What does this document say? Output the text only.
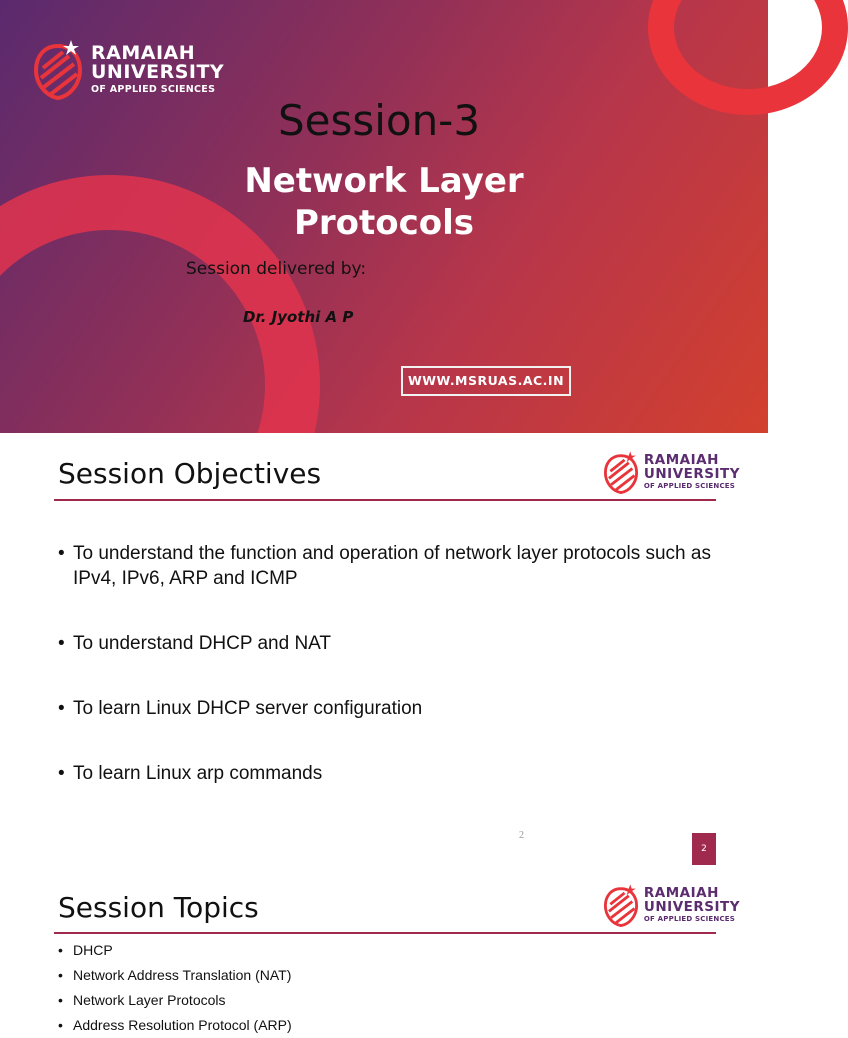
RAMAIAH
UNIVERSITY
OF APPLIED SCIENCES
Session-3
Network Layer
Protocols
Session delivered by:
Dr. Jyothi A P
WWW.MSRUAS.AC.IN
Session Objectives	RAMAIAH
UNIVERSITY
OF APPLIED SCIENCES
• To understand the function and operation of network layer protocols such as IPv4, IPv6, ARP and ICMP
• To understand DHCP and NAT
• To learn Linux DHCP server configuration
• To learn Linux arp commands
2
2
Session Topics	RAMAIAH
UNIVERSITY
OF APPLIED SCIENCES
• DHCP
• Network Address Translation (NAT)
• Network Layer Protocols
• Address Resolution Protocol (ARP)
